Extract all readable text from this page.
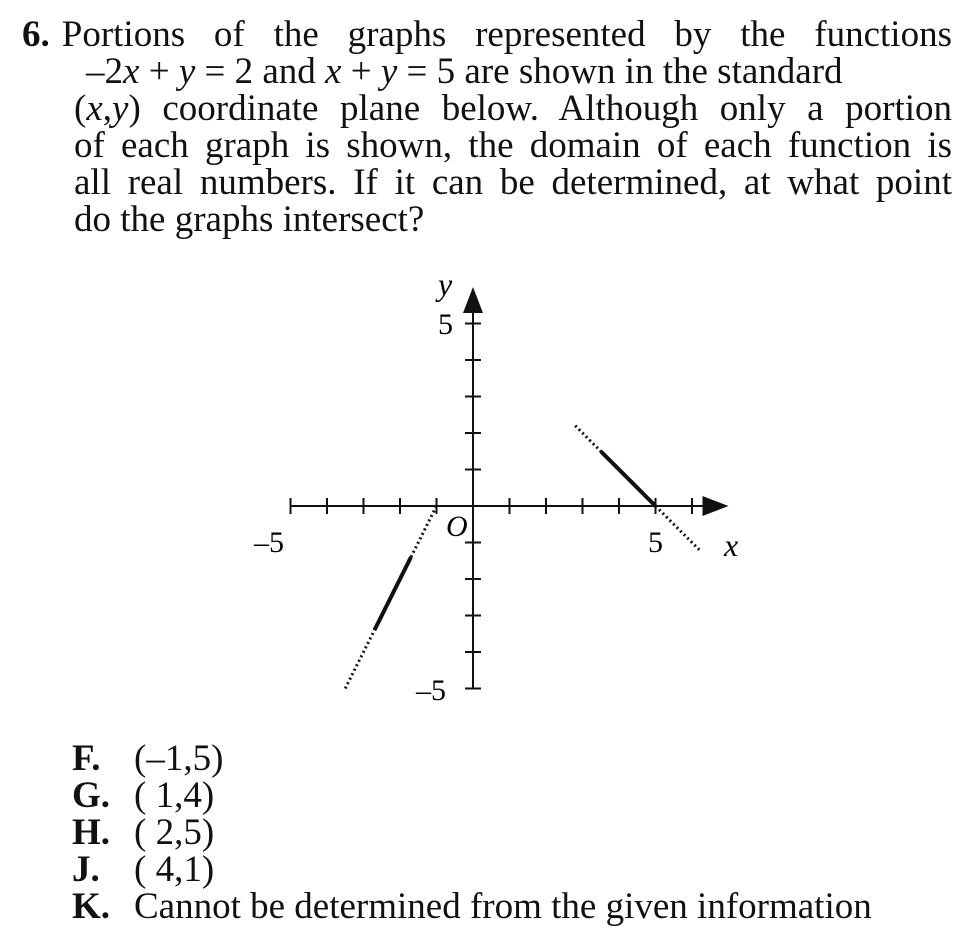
6. Portions of the graphs represented by the functions
–2x + y = 2 and x + y = 5 are shown in the standard
(x,y) coordinate plane below. Although only a portion
of each graph is shown, the domain of each function is
all real numbers. If it can be determined, at what point
do the graphs intersect?
y
x
O
5
–5
–5	5
F. (–1,5)
G. ( 1,4)
H. ( 2,5)
J. ( 4,1)
K. Cannot be determined from the given information
